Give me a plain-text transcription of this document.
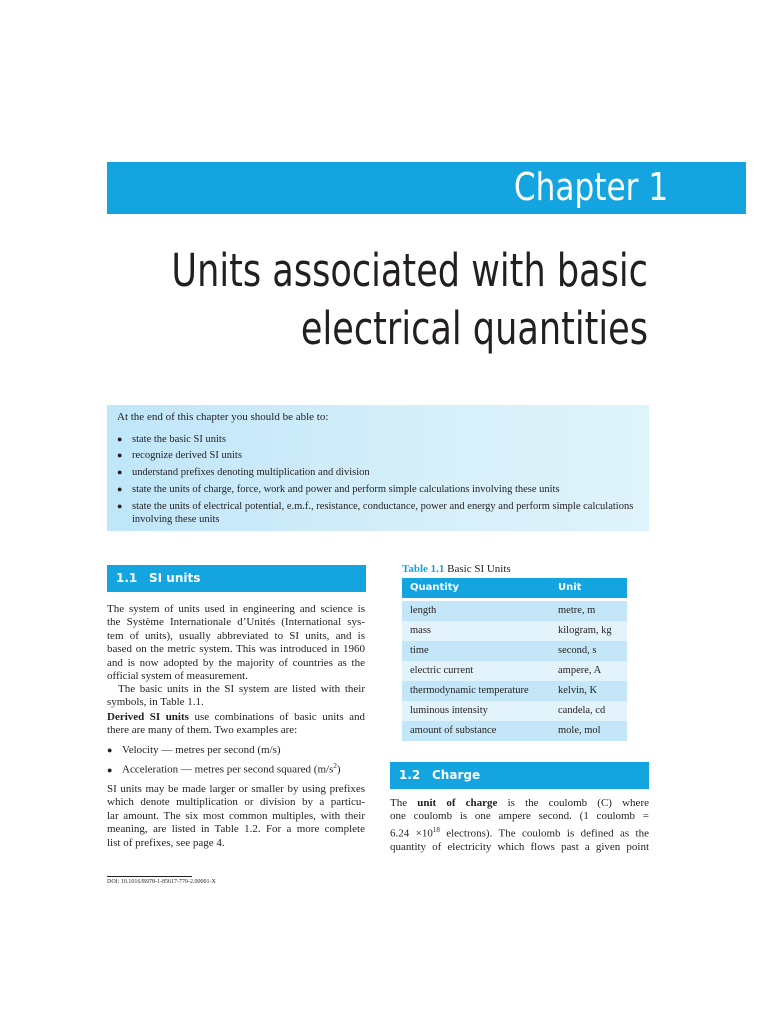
Chapter 1
Units associated with basic
electrical quantities
At the end of this chapter you should be able to:
● state the basic SI units
● recognize derived SI units
● understand prefixes denoting multiplication and division
● state the units of charge, force, work and power and perform simple calculations involving these units
● state the units of electrical potential, e.m.f., resistance, conductance, power and energy and perform simple calculations involving these units
1.1 SI units
The system of units used in engineering and science is
the Système Internationale d’Unités (International sys-
tem of units), usually abbreviated to SI units, and is
based on the metric system. This was introduced in 1960
and is now adopted by the majority of countries as the
official system of measurement.
The basic units in the SI system are listed with their
symbols, in Table 1.1.
Derived SI units use combinations of basic units and
there are many of them. Two examples are:
● Velocity — metres per second (m/s)
● Acceleration — metres per second squared $(m/s^2)$
SI units may be made larger or smaller by using prefixes
which denote multiplication or division by a particu-
lar amount. The six most common multiples, with their
meaning, are listed in Table 1.2. For a more complete
list of prefixes, see page 4.
Table 1.1 Basic SI Units
Quantity	Unit
length	metre, m
mass	kilogram, kg
time	second, s
electric current	ampere, A
thermodynamic temperature	kelvin, K
luminous intensity	candela, cd
amount of substance	mole, mol
1.2 Charge
The unit of charge is the coulomb (C) where
one coulomb is one ampere second. (1 coulomb =
$6.24 \times 10^{18}$ electrons). The coulomb is defined as the
quantity of electricity which flows past a given point
DOI: 10.1016/B978-1-85617-770-2.00001-X
